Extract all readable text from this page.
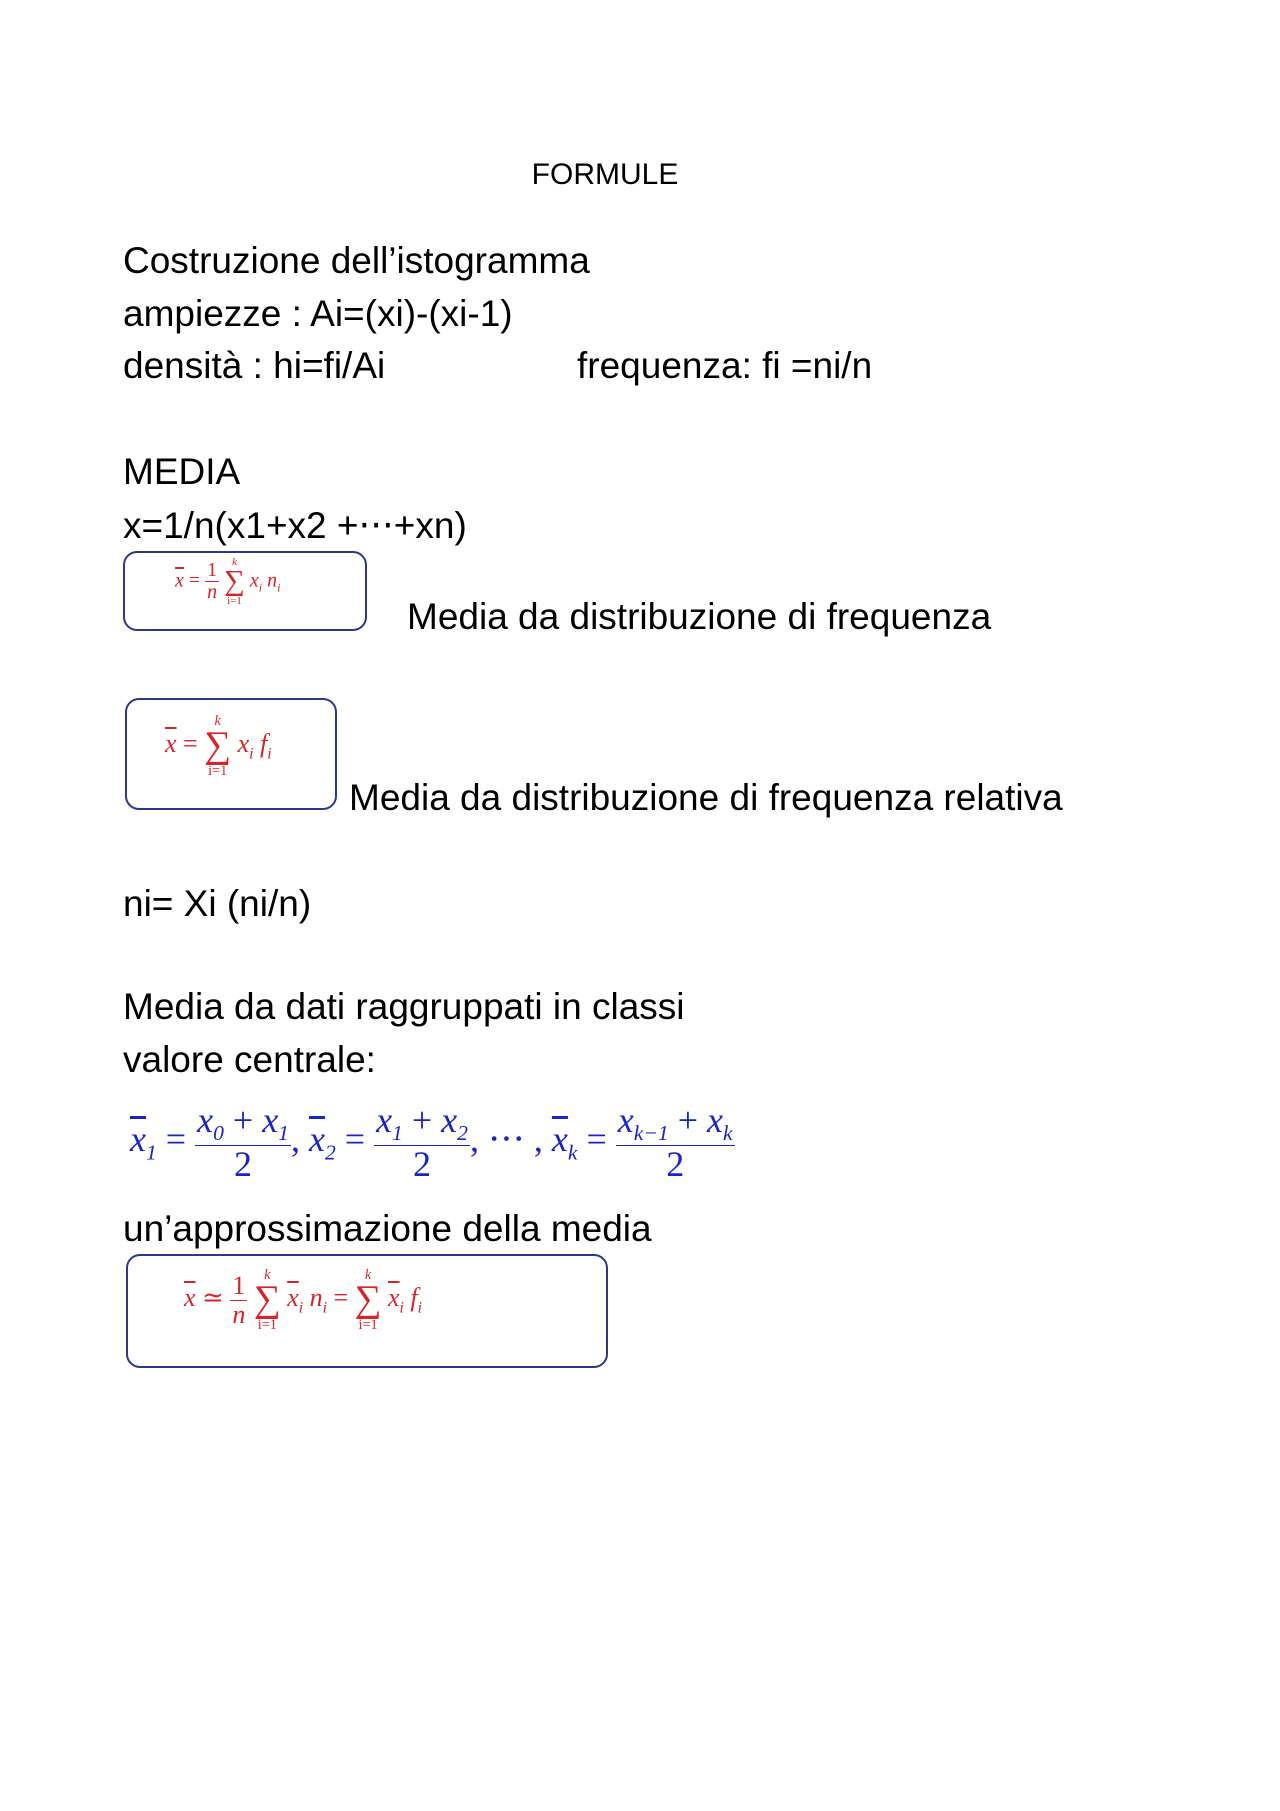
FORMULE
Costruzione dell’istogramma
ampiezze : Ai=(xi)-(xi-1)
densità : hi=fi/Ai	frequenza: fi =ni/n
MEDIA
x=1/n(x1+x2 +⋅⋅⋅+xn)
$\overline{x} = \frac{1}{n}$
	k
∑
i=1
$x_i$ $n_i$
Media da distribuzione di frequenza
$\overline{x}$ =
k
∑
i=1
$x_i$ $f_i$
Media da distribuzione di frequenza relativa
ni= Xi (ni/n)
Media da dati raggruppati in classi
valore centrale:
$\overline{x}_1 = \frac{x_0 + x_1}{2}$ , $\overline{x}_2 = \frac{x_1 + x_2}{2}$ , ⋅⋅⋅ , $\overline{x}_k = \frac{x_{k-1} + x_k}{2}$
un’approssimazione della media
$\overline{x}$ ≃ $\frac{1}{n}$
	k
∑
i=1
$\overline{x}_i$ $n_i$ =
k
∑
i=1
$\overline{x}_i$ $f_i$
